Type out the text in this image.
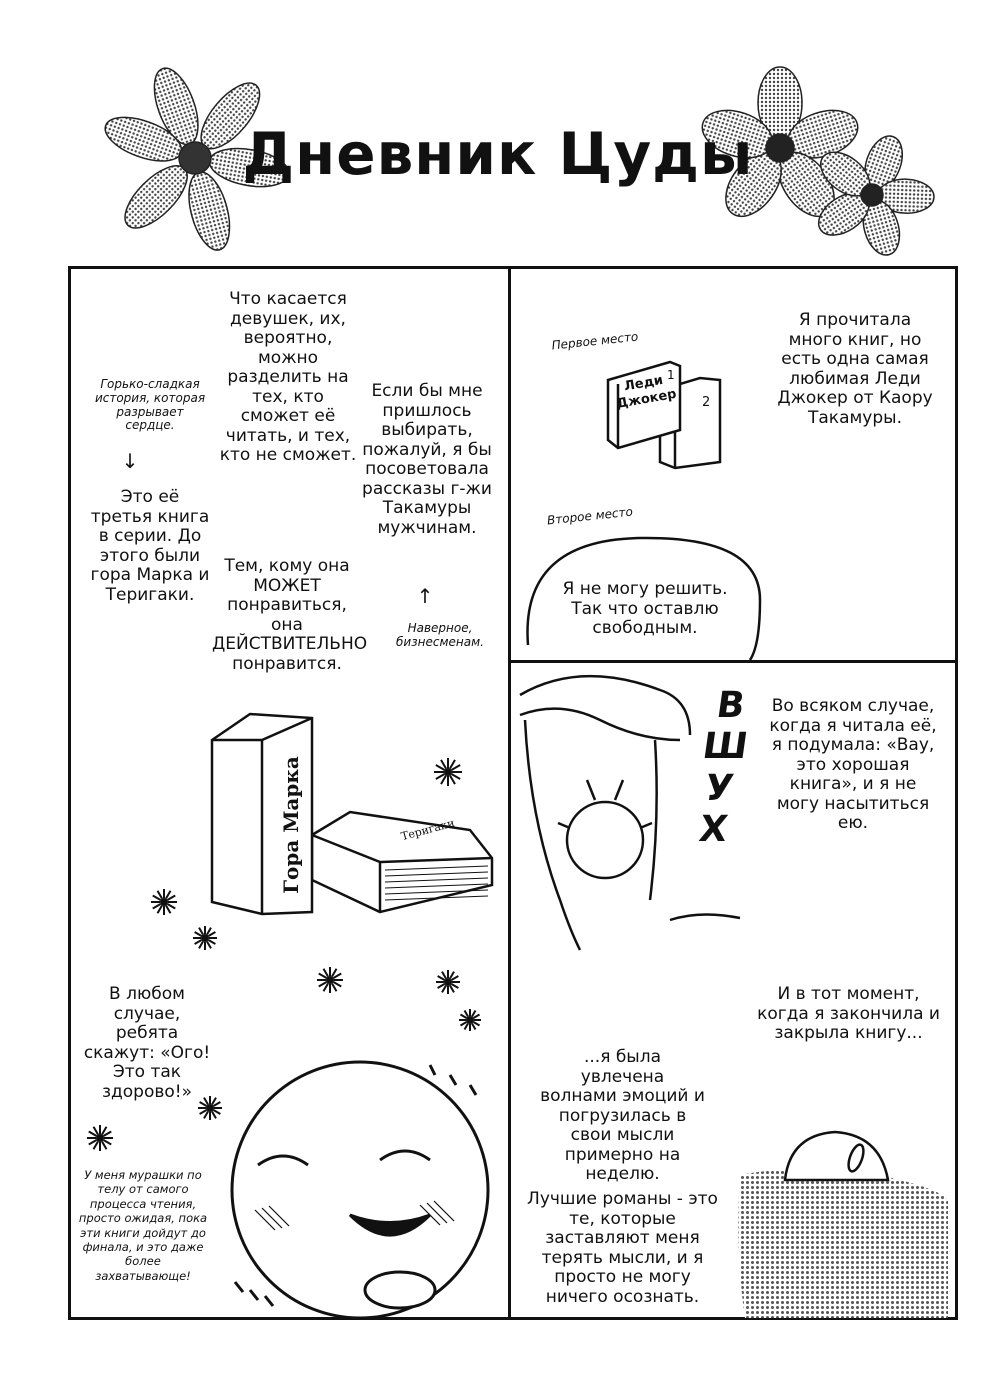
Дневник Цуды
Горько-сладкая история, которая разрывает сердце.
↓
Это её третья книга в серии. До этого были гора Марка и Теригаки.
Что касается девушек, их, вероятно, можно разделить на тех, кто сможет её читать, и тех, кто не сможет.
Если бы мне пришлось выбирать, пожалуй, я бы посоветовала рассказы г-жи Такамуры мужчинам.
Тем, кому она МОЖЕТ понравиться, она ДЕЙСТВИТЕЛЬНО понравится.
↑
Наверное, бизнесменам.
Гора Марка	Теригаки
В любом случае, ребята скажут: «Ого! Это так здорово!»
У меня мурашки по телу от самого процесса чтения, просто ожидая, пока эти книги дойдут до финала, и это даже более захватывающе!
Первое место
Леди Джокер
1
2
Я прочитала много книг, но есть одна самая любимая Леди Джокер от Каору Такамуры.
Второе место
Я не могу решить. Так что оставлю свободным.
ВШУХ
Во всяком случае, когда я читала её, я подумала: «Вау, это хорошая книга», и я не могу насытиться ею.
И в тот момент, когда я закончила и закрыла книгу...
...я была увлечена волнами эмоций и погрузилась в свои мысли примерно на неделю.
Лучшие романы - это те, которые заставляют меня терять мысли, и я просто не могу ничего осознать.
